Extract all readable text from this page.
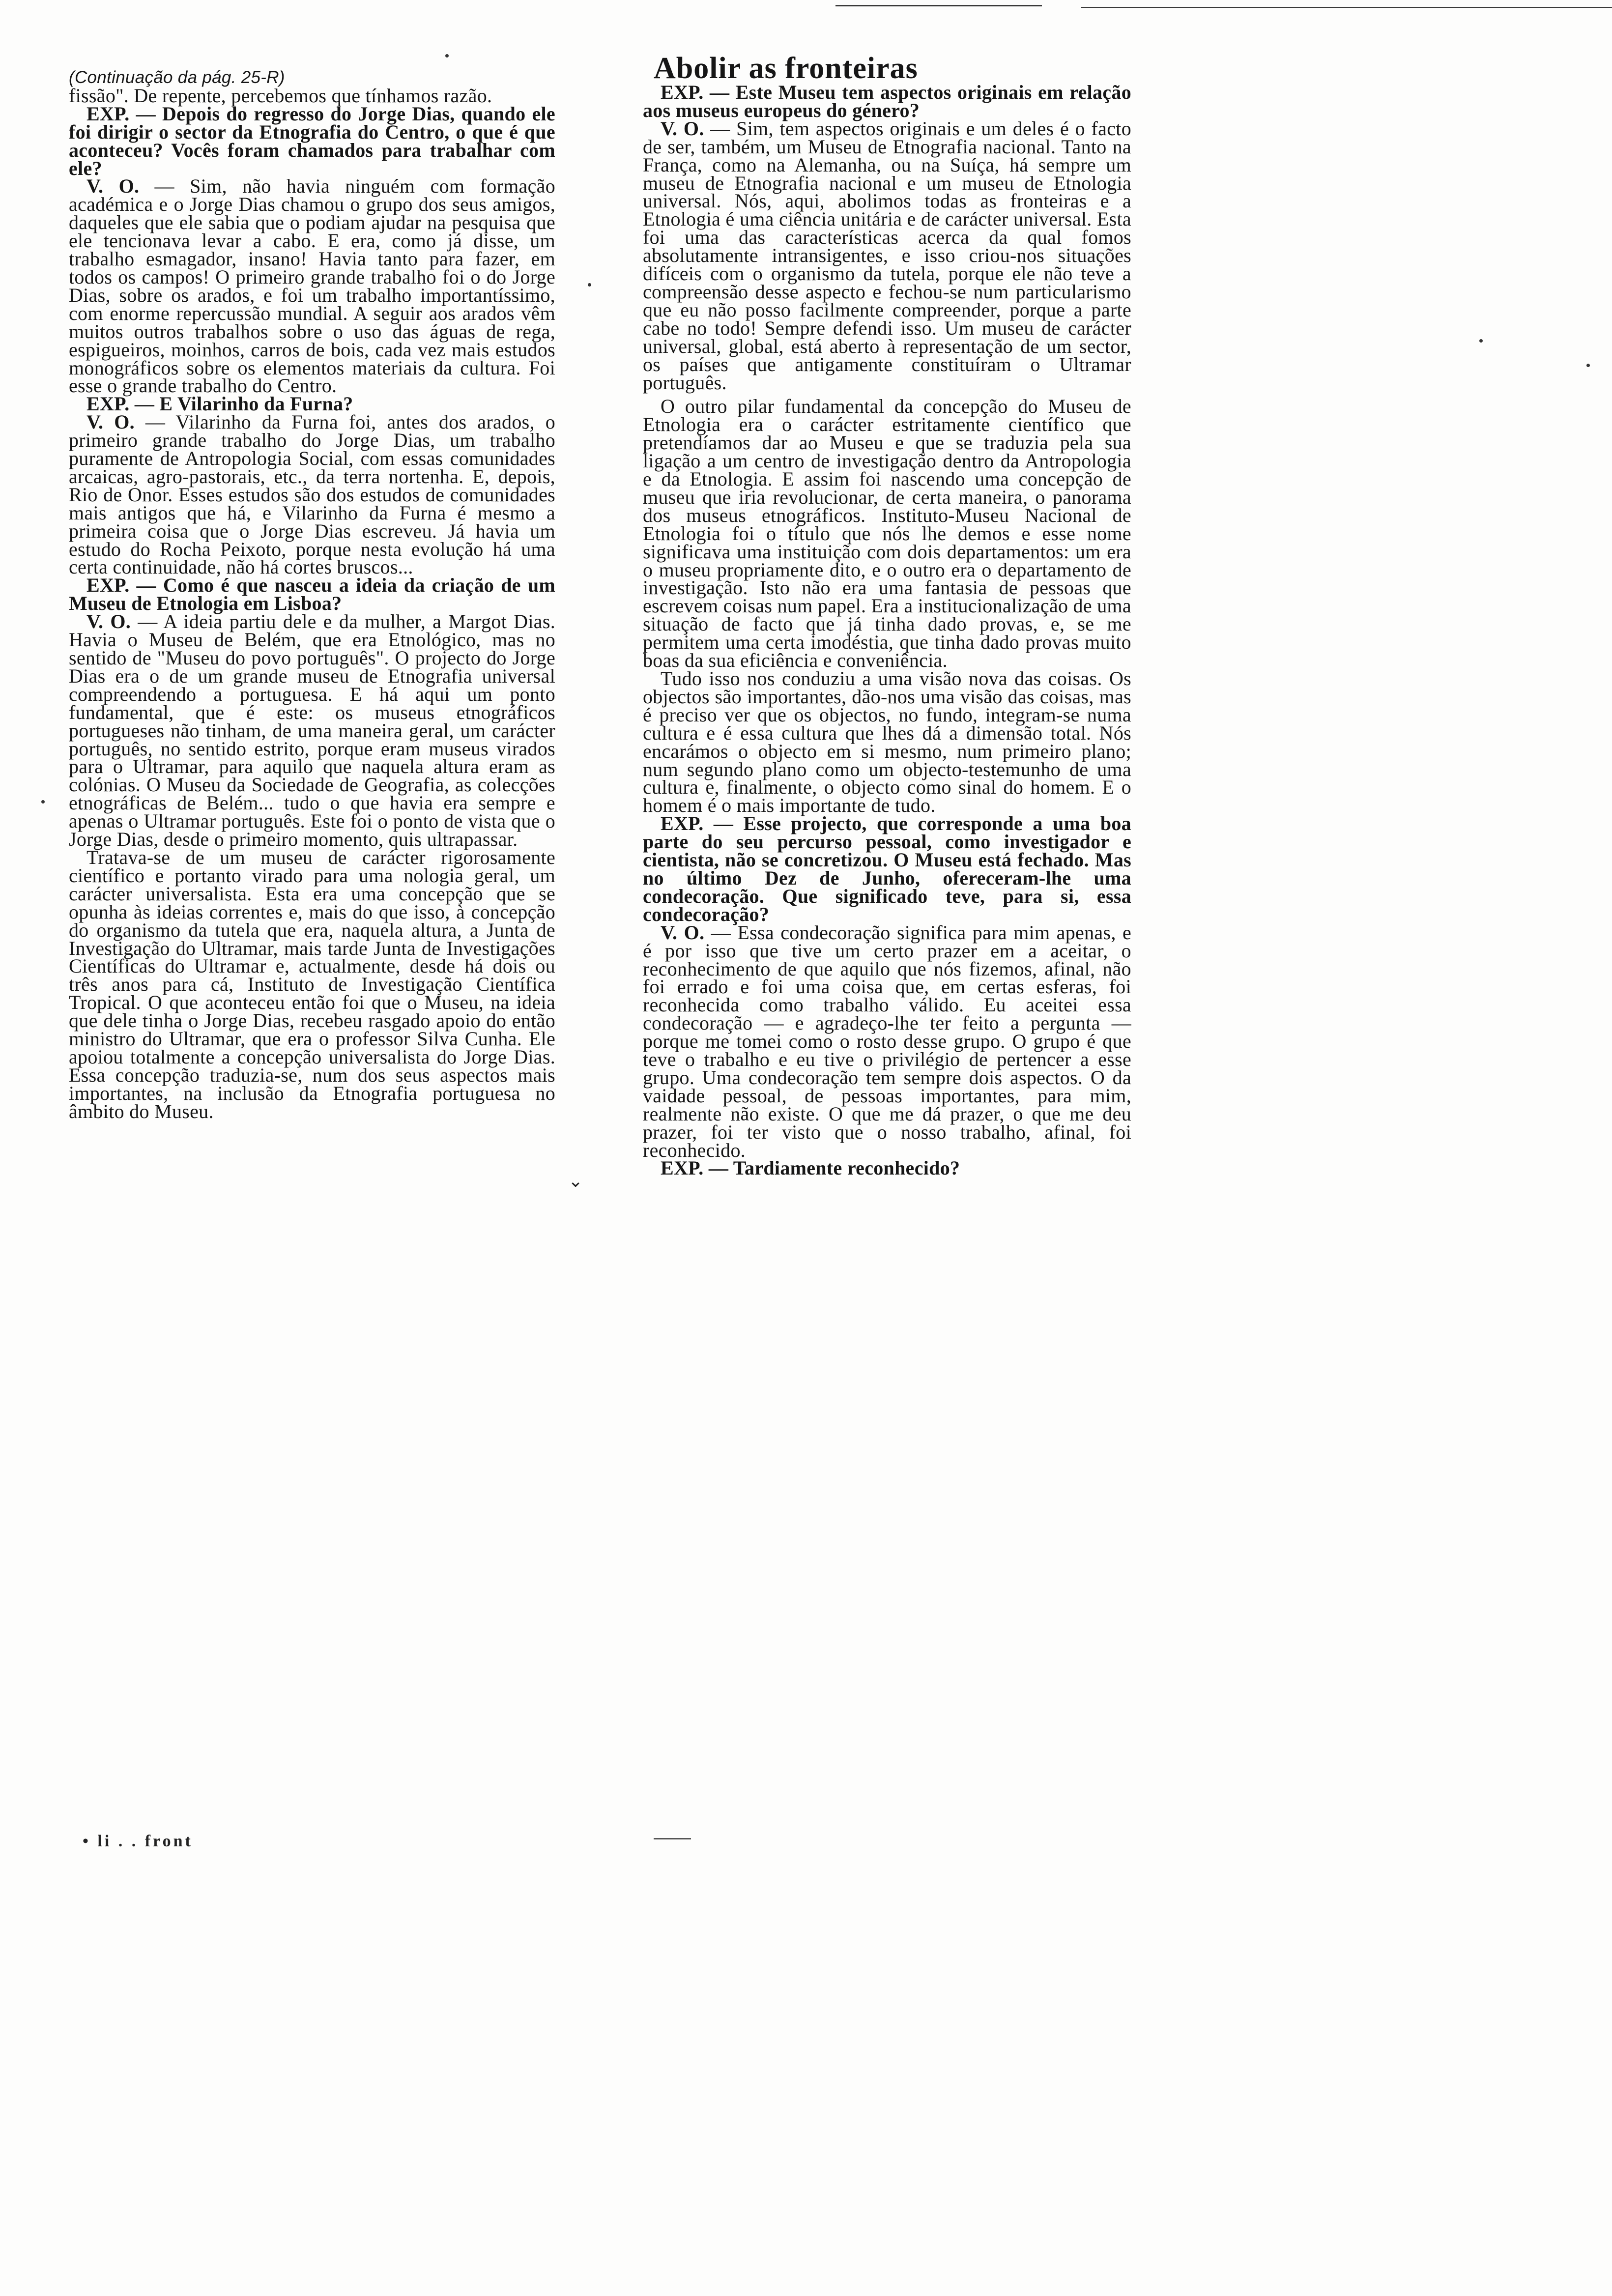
⌄
Abolir as fronteiras

(Continuação da pág. 25-R)

fissão". De repente, percebemos que tínhamos razão.

EXP. — Depois do regresso do Jorge Dias, quando ele foi dirigir o sector da Etnografia do Centro, o que é que aconteceu? Vocês foram chamados para trabalhar com ele?

V. O. — Sim, não havia ninguém com formação académica e o Jorge Dias chamou o grupo dos seus amigos, daqueles que ele sabia que o podiam ajudar na pesquisa que ele tencionava levar a cabo. E era, como já disse, um trabalho esmagador, insano! Havia tanto para fazer, em todos os campos! O primeiro grande trabalho foi o do Jorge Dias, sobre os arados, e foi um trabalho importantíssimo, com enorme repercussão mundial. A seguir aos arados vêm muitos outros trabalhos sobre o uso das águas de rega, espigueiros, moinhos, carros de bois, cada vez mais estudos monográficos sobre os elementos materiais da cultura. Foi esse o grande trabalho do Centro.

EXP. — E Vilarinho da Furna?

V. O. — Vilarinho da Furna foi, antes dos arados, o primeiro grande trabalho do Jorge Dias, um trabalho puramente de Antropologia Social, com essas comunidades arcaicas, agro-pastorais, etc., da terra nortenha. E, depois, Rio de Onor. Esses estudos são dos estudos de comunidades mais antigos que há, e Vilarinho da Furna é mesmo a primeira coisa que o Jorge Dias escreveu. Já havia um estudo do Rocha Peixoto, porque nesta evolução há uma certa continuidade, não há cortes bruscos...

EXP. — Como é que nasceu a ideia da criação de um Museu de Etnologia em Lisboa?

V. O. — A ideia partiu dele e da mulher, a Margot Dias. Havia o Museu de Belém, que era Etnológico, mas no sentido de "Museu do povo português". O projecto do Jorge Dias era o de um grande museu de Etnografia universal compreendendo a portuguesa. E há aqui um ponto fundamental, que é este: os museus etnográficos portugueses não tinham, de uma maneira geral, um carácter português, no sentido estrito, porque eram museus virados para o Ultramar, para aquilo que naquela altura eram as colónias. O Museu da Sociedade de Geografia, as colecções etnográficas de Belém... tudo o que havia era sempre e apenas o Ultramar português. Este foi o ponto de vista que o Jorge Dias, desde o primeiro momento, quis ultrapassar.

Tratava-se de um museu de carácter rigorosamente científico e portanto virado para uma nologia geral, um carácter universalista. Esta era uma concepção que se opunha às ideias correntes e, mais do que isso, à concepção do organismo da tutela que era, naquela altura, a Junta de Investigação do Ultramar, mais tarde Junta de Investigações Científicas do Ultramar e, actualmente, desde há dois ou três anos para cá, Instituto de Investigação Científica Tropical. O que aconteceu então foi que o Museu, na ideia que dele tinha o Jorge Dias, recebeu rasgado apoio do então ministro do Ultramar, que era o professor Silva Cunha. Ele apoiou totalmente a concepção universalista do Jorge Dias. Essa concepção traduzia-se, num dos seus aspectos mais importantes, na inclusão da Etnografia portuguesa no âmbito do Museu.

EXP. — Este Museu tem aspectos originais em relação aos museus europeus do género?

V. O. — Sim, tem aspectos originais e um deles é o facto de ser, também, um Museu de Etnografia nacional. Tanto na França, como na Alemanha, ou na Suíça, há sempre um museu de Etnografia nacional e um museu de Etnologia universal. Nós, aqui, abolimos todas as fronteiras e a Etnologia é uma ciência unitária e de carácter universal. Esta foi uma das características acerca da qual fomos absolutamente intransigentes, e isso criou-nos situações difíceis com o organismo da tutela, porque ele não teve a compreensão desse aspecto e fechou-se num particularismo que eu não posso facilmente compreender, porque a parte cabe no todo! Sempre defendi isso. Um museu de carácter universal, global, está aberto à representação de um sector, os países que antigamente constituíram o Ultramar português.

O outro pilar fundamental da concepção do Museu de Etnologia era o carácter estritamente científico que pretendíamos dar ao Museu e que se traduzia pela sua ligação a um centro de investigação dentro da Antropologia e da Etnologia. E assim foi nascendo uma concepção de museu que iria revolucionar, de certa maneira, o panorama dos museus etnográficos. Instituto-Museu Nacional de Etnologia foi o título que nós lhe demos e esse nome significava uma instituição com dois departamentos: um era o museu propriamente dito, e o outro era o departamento de investigação. Isto não era uma fantasia de pessoas que escrevem coisas num papel. Era a institucionalização de uma situação de facto que já tinha dado provas, e, se me permitem uma certa imodéstia, que tinha dado provas muito boas da sua eficiência e conveniência.

Tudo isso nos conduziu a uma visão nova das coisas. Os objectos são importantes, dão-nos uma visão das coisas, mas é preciso ver que os objectos, no fundo, integram-se numa cultura e é essa cultura que lhes dá a dimensão total. Nós encarámos o objecto em si mesmo, num primeiro plano; num segundo plano como um objecto-testemunho de uma cultura e, finalmente, o objecto como sinal do homem. E o homem é o mais importante de tudo.

EXP. — Esse projecto, que corresponde a uma boa parte do seu percurso pessoal, como investigador e cientista, não se concretizou. O Museu está fechado. Mas no último Dez de Junho, ofereceram-lhe uma condecoração. Que significado teve, para si, essa condecoração?

V. O. — Essa condecoração significa para mim apenas, e é por isso que tive um certo prazer em a aceitar, o reconhecimento de que aquilo que nós fizemos, afinal, não foi errado e foi uma coisa que, em certas esferas, foi reconhecida como trabalho válido. Eu aceitei essa condecoração — e agradeço-lhe ter feito a pergunta — porque me tomei como o rosto desse grupo. O grupo é que teve o trabalho e eu tive o privilégio de pertencer a esse grupo. Uma condecoração tem sempre dois aspectos. O da vaidade pessoal, de pessoas importantes, para mim, realmente não existe. O que me dá prazer, o que me deu prazer, foi ter visto que o nosso trabalho, afinal, foi reconhecido.

EXP. — Tardiamente reconhecido?

• li . . front
